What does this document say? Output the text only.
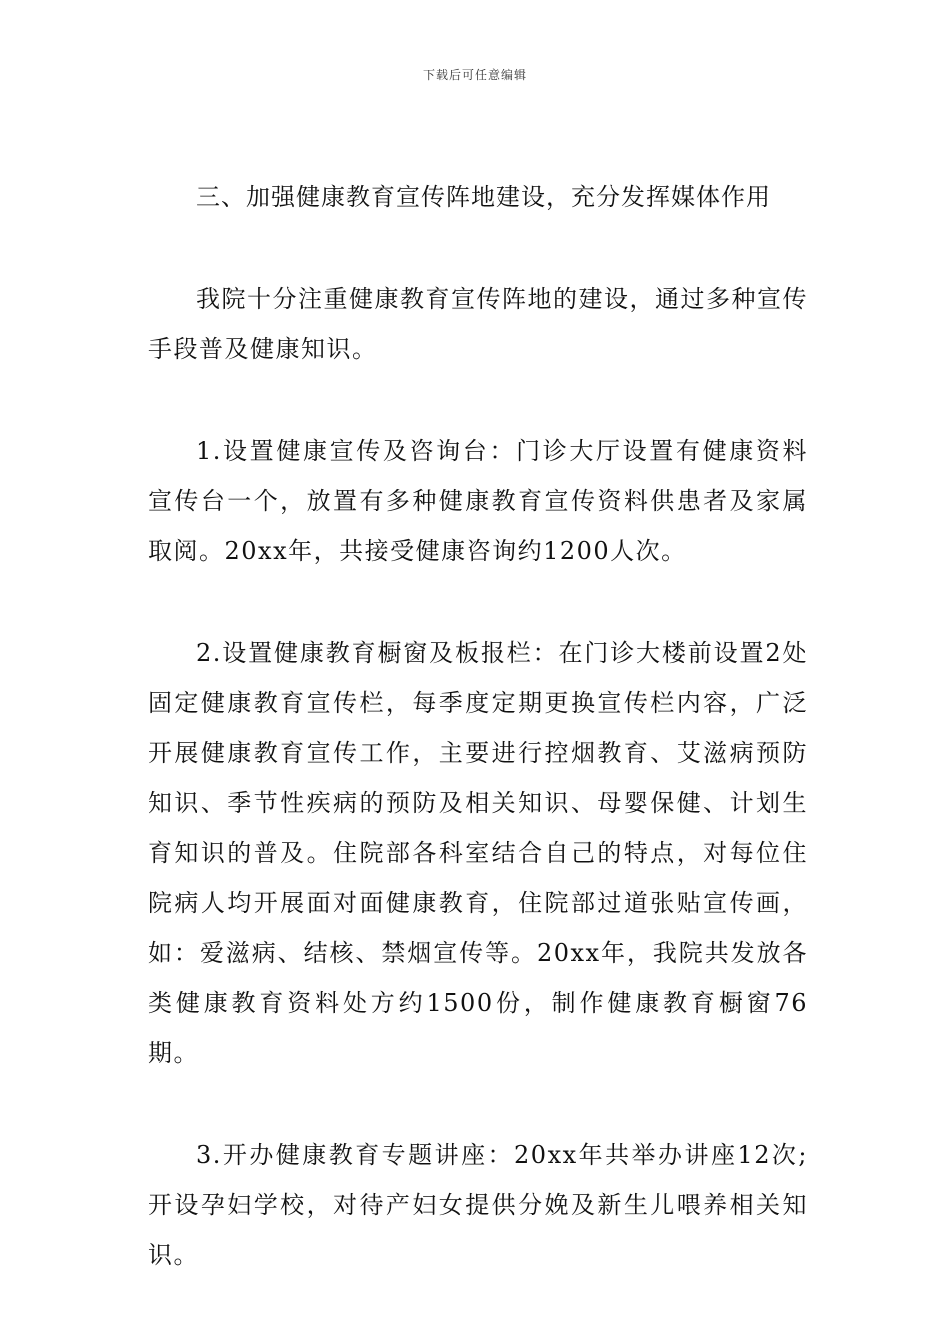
下载后可任意编辑

三、加强健康教育宣传阵地建设，充分发挥媒体作用

我院十分注重健康教育宣传阵地的建设，通过多种宣传手段普及健康知识。

1.设置健康宣传及咨询台：门诊大厅设置有健康资料宣传台一个，放置有多种健康教育宣传资料供患者及家属取阅。20xx年，共接受健康咨询约1200人次。

2.设置健康教育橱窗及板报栏：在门诊大楼前设置2处固定健康教育宣传栏，每季度定期更换宣传栏内容，广泛开展健康教育宣传工作，主要进行控烟教育、艾滋病预防知识、季节性疾病的预防及相关知识、母婴保健、计划生育知识的普及。住院部各科室结合自己的特点，对每位住院病人均开展面对面健康教育，住院部过道张贴宣传画，如：爱滋病、结核、禁烟宣传等。20xx年，我院共发放各类健康教育资料处方约1500份，制作健康教育橱窗76期。

3.开办健康教育专题讲座：20xx年共举办讲座12次;开设孕妇学校，对待产妇女提供分娩及新生儿喂养相关知识。
